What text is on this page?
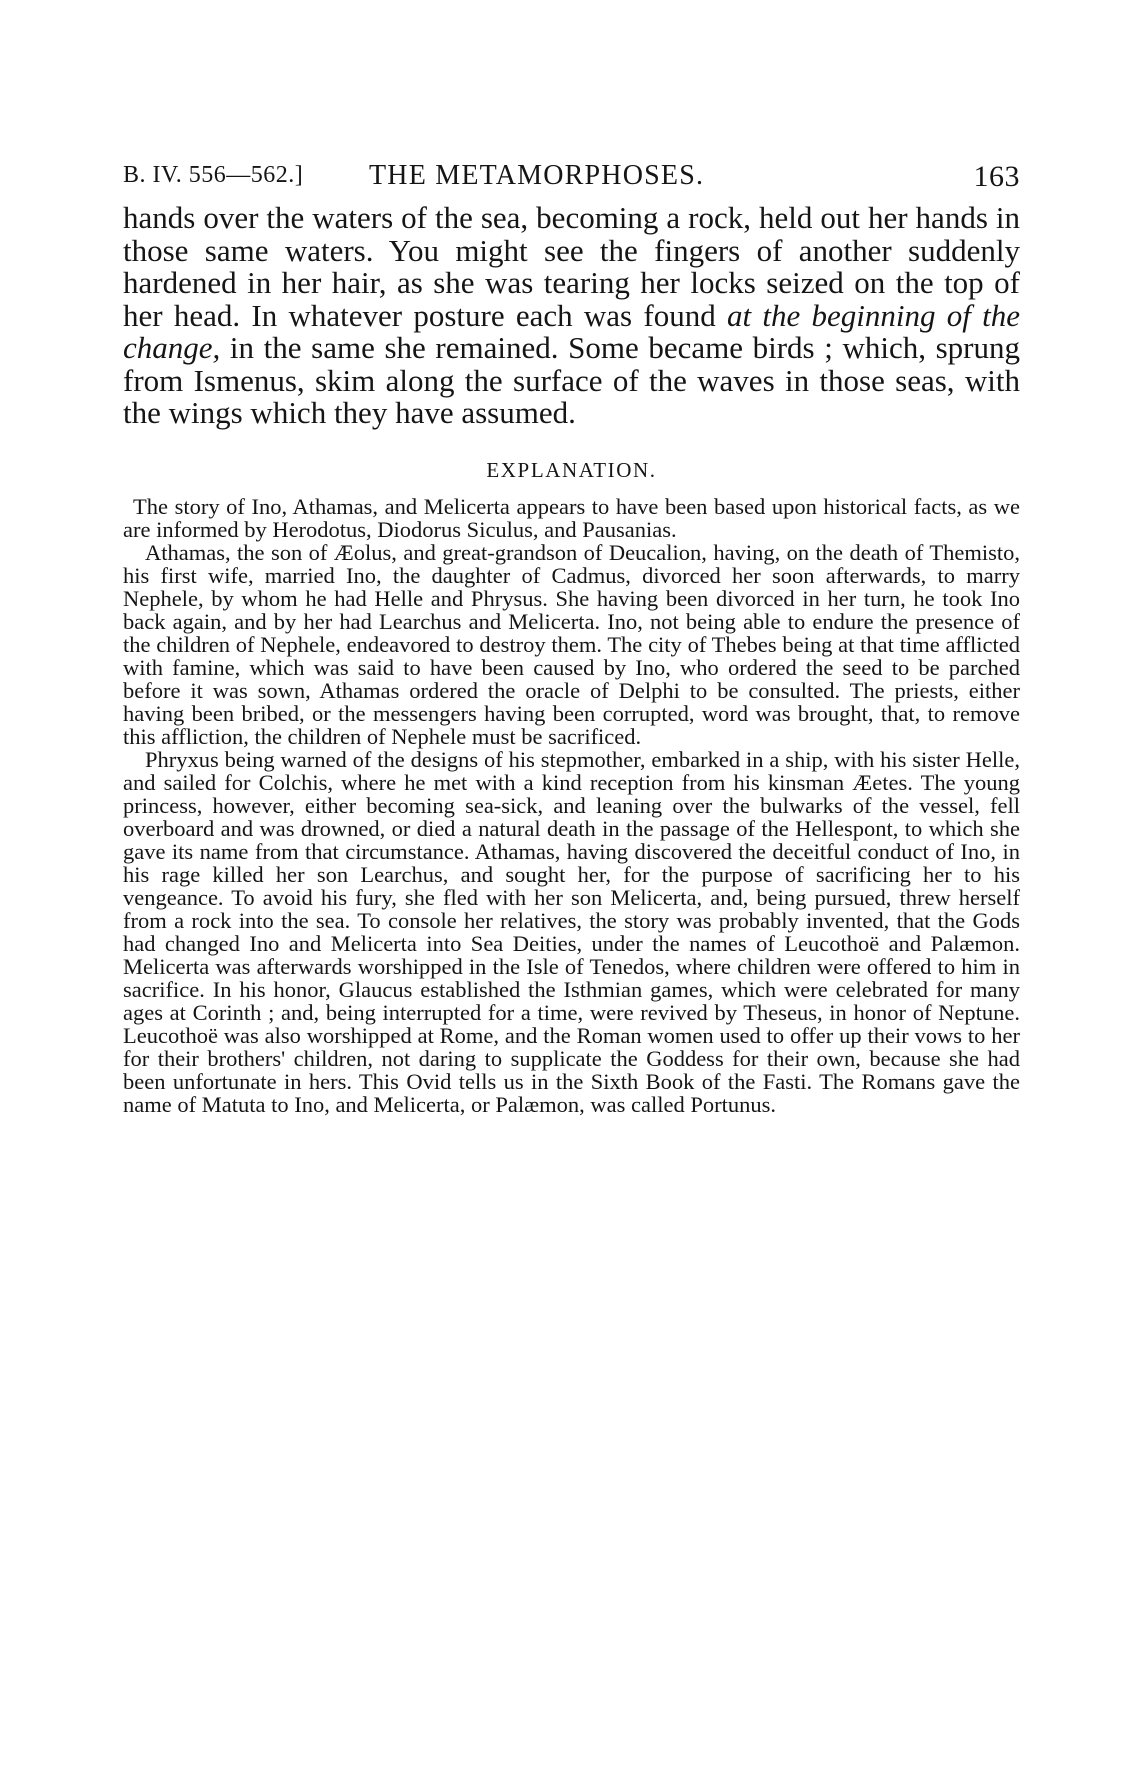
B. IV. 556—562.] THE METAMORPHOSES.	163

hands over the waters of the sea, becoming a rock, held out her hands in those same waters. You might see the fingers of another suddenly hardened in her hair, as she was tearing her locks seized on the top of her head. In whatever posture each was found at the beginning of the change, in the same she remained. Some became birds ; which, sprung from Ismenus, skim along the surface of the waves in those seas, with the wings which they have assumed.

EXPLANATION.

The story of Ino, Athamas, and Melicerta appears to have been based upon historical facts, as we are informed by Herodotus, Diodorus Siculus, and Pausanias.

Athamas, the son of Æolus, and great-grandson of Deucalion, having, on the death of Themisto, his first wife, married Ino, the daughter of Cadmus, divorced her soon afterwards, to marry Nephele, by whom he had Helle and Phrysus. She having been divorced in her turn, he took Ino back again, and by her had Learchus and Melicerta. Ino, not being able to endure the presence of the children of Nephele, endeavored to destroy them. The city of Thebes being at that time afflicted with famine, which was said to have been caused by Ino, who ordered the seed to be parched before it was sown, Athamas ordered the oracle of Delphi to be consulted. The priests, either having been bribed, or the messengers having been corrupted, word was brought, that, to remove this affliction, the children of Nephele must be sacrificed.

Phryxus being warned of the designs of his stepmother, embarked in a ship, with his sister Helle, and sailed for Colchis, where he met with a kind reception from his kinsman Æetes. The young princess, however, either becoming sea-sick, and leaning over the bulwarks of the vessel, fell overboard and was drowned, or died a natural death in the passage of the Hellespont, to which she gave its name from that circumstance. Athamas, having discovered the deceitful conduct of Ino, in his rage killed her son Learchus, and sought her, for the purpose of sacrificing her to his vengeance. To avoid his fury, she fled with her son Melicerta, and, being pursued, threw herself from a rock into the sea. To console her relatives, the story was probably invented, that the Gods had changed Ino and Melicerta into Sea Deities, under the names of Leucothoë and Palæmon. Melicerta was afterwards worshipped in the Isle of Tenedos, where children were offered to him in sacrifice. In his honor, Glaucus established the Isthmian games, which were celebrated for many ages at Corinth ; and, being interrupted for a time, were revived by Theseus, in honor of Neptune. Leucothoë was also worshipped at Rome, and the Roman women used to offer up their vows to her for their brothers' children, not daring to supplicate the Goddess for their own, because she had been unfortunate in hers. This Ovid tells us in the Sixth Book of the Fasti. The Romans gave the name of Matuta to Ino, and Melicerta, or Palæmon, was called Portunus.
